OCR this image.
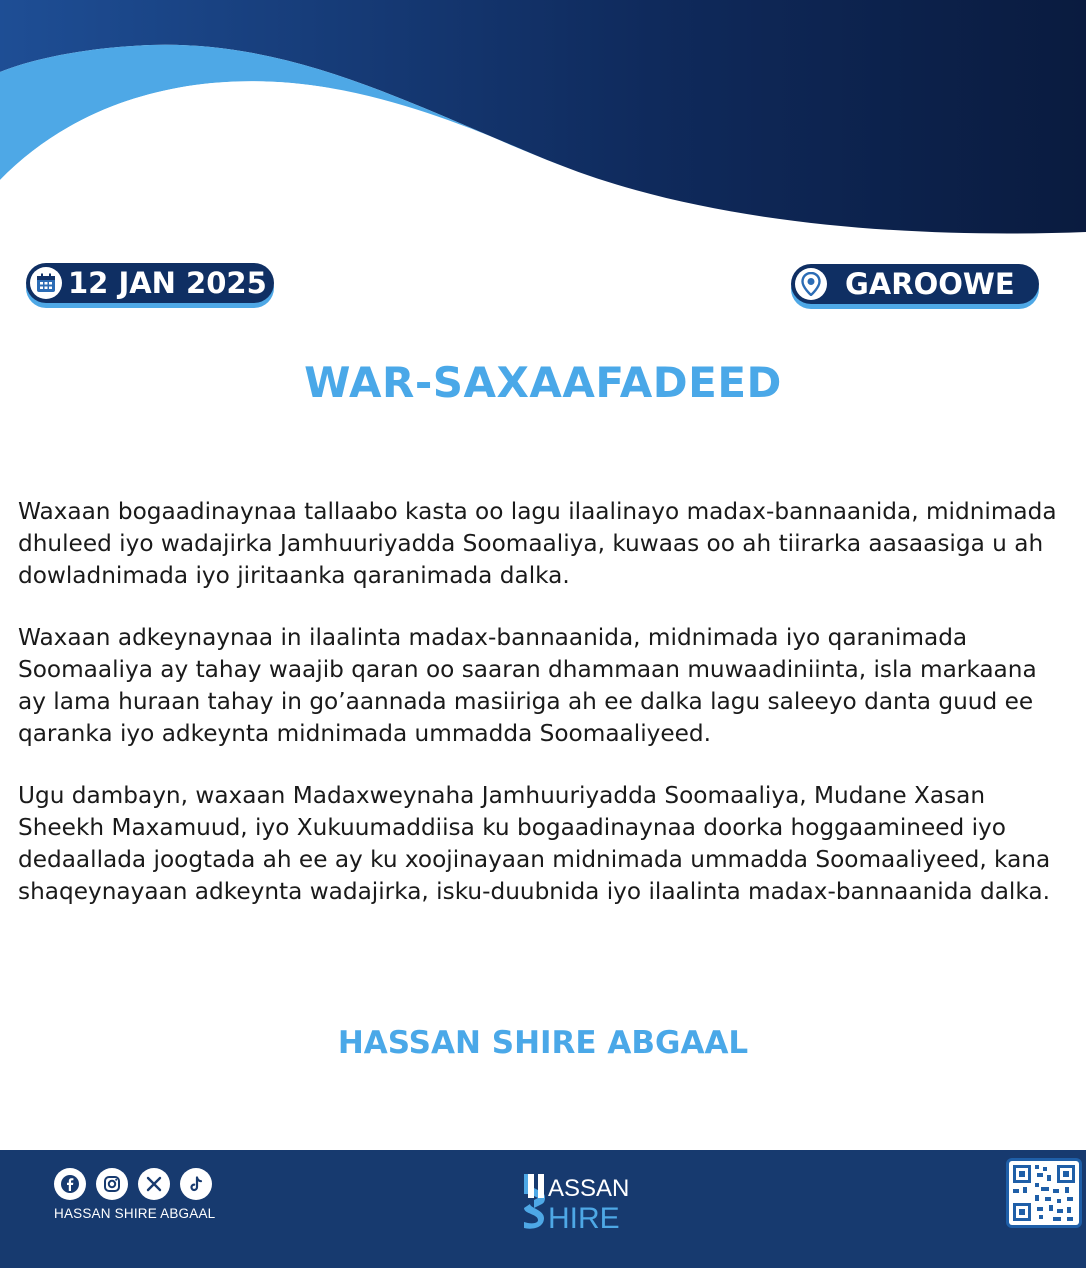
12 JAN 2025	GAROOWE
WAR-SAXAAFADEED

Waxaan bogaadinaynaa tallaabo kasta oo lagu ilaalinayo madax-bannaanida, midnimada dhuleed iyo wadajirka Jamhuuriyadda Soomaaliya, kuwaas oo ah tiirarka aasaasiga u ah dowladnimada iyo jiritaanka qaranimada dalka.

Waxaan adkeynaynaa in ilaalinta madax-bannaanida, midnimada iyo qaranimada Soomaaliya ay tahay waajib qaran oo saaran dhammaan muwaadiniinta, isla markaana ay lama huraan tahay in go’aannada masiiriga ah ee dalka lagu saleeyo danta guud ee qaranka iyo adkeynta midnimada ummadda Soomaaliyeed.

Ugu dambayn, waxaan Madaxweynaha Jamhuuriyadda Soomaaliya, Mudane Xasan Sheekh Maxamuud, iyo Xukuumaddiisa ku bogaadinaynaa doorka hoggaamineed iyo dedaallada joogtada ah ee ay ku xoojinayaan midnimada ummadda Soomaaliyeed, kana shaqeynayaan adkeynta wadajirka, isku-duubnida iyo ilaalinta madax-bannaanida dalka.

HASSAN SHIRE ABGAAL
HASSAN SHIRE ABGAAL
ASSAN
HIRE
